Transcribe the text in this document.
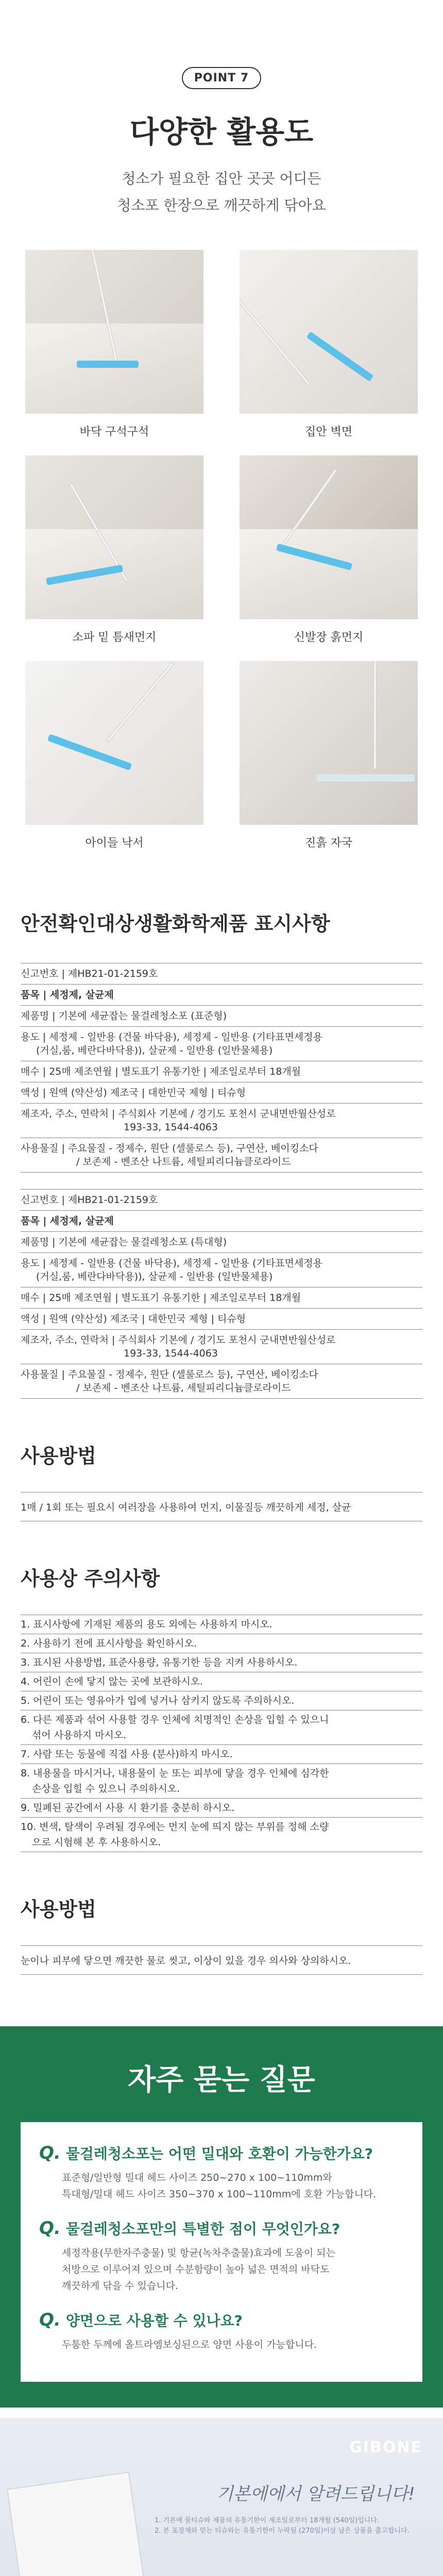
POINT 7
다양한 활용도
청소가 필요한 집안 곳곳 어디든
청소포 한장으로 깨끗하게 닦아요
바닥 구석구석	집안 벽면
소파 밑 틈새먼지	신발장 흙먼지
아이들 낙서	진흙 자국
안전확인대상생활화학제품 표시사항
신고번호 | 제HB21-01-2159호
품목 | 세정제, 살균제
제품명 | 기본에 세균잡는 물걸레청소포 (표준형)
용도 | 세정제 - 일반용 (건물 바닥용), 세정제 - 일반용 (기타표면세정용
(거실,룸, 베란다바닥용)), 살균제 - 일반용 (일반물체용)
매수 | 25매 제조연월 | 별도표기 유통기한 | 제조일로부터 18개월
액성 | 원액 (약산성) 제조국 | 대한민국 제형 | 티슈형
제조자, 주소, 연락처 | 주식회사 기본에 / 경기도 포천시 군내면반월산성로
193-33, 1544-4063
사용물질 | 주요물질 - 정제수, 원단 (셀룰로스 등), 구연산, 베이킹소다
/ 보존제 - 벤조산 나트륨, 세틸피리디늄클로라이드
신고번호 | 제HB21-01-2159호
품목 | 세정제, 살균제
제품명 | 기본에 세균잡는 물걸레청소포 (특대형)
용도 | 세정제 - 일반용 (건물 바닥용), 세정제 - 일반용 (기타표면세정용
(거실,룸, 베란다바닥용)), 살균제 - 일반용 (일반물체용)
매수 | 25매 제조연월 | 별도표기 유통기한 | 제조일로부터 18개월
액성 | 원액 (약산성) 제조국 | 대한민국 제형 | 티슈형
제조자, 주소, 연락처 | 주식회사 기본에 / 경기도 포천시 군내면반월산성로
193-33, 1544-4063
사용물질 | 주요물질 - 정제수, 원단 (셀룰로스 등), 구연산, 베이킹소다
/ 보존제 - 벤조산 나트륨, 세틸피리디늄클로라이드
사용방법
1매 / 1회 또는 필요시 여러장을 사용하여 먼지, 이물질등 깨끗하게 세정, 살균
사용상 주의사항
1. 표시사항에 기재된 제품의 용도 외에는 사용하지 마시오.
2. 사용하기 전에 표시사항을 확인하시오.
3. 표시된 사용방법, 표준사용량, 유통기한 등을 지켜 사용하시오.
4. 어린이 손에 닿지 않는 곳에 보관하시오.
5. 어린이 또는 영유아가 입에 넣거나 삼키지 않도록 주의하시오.
6. 다른 제품과 섞어 사용할 경우 인체에 치명적인 손상을 입힐 수 있으니
섞어 사용하지 마시오.
7. 사람 또는 동물에 직접 사용 (분사)하지 마시오.
8. 내용물을 마시거나, 내용물이 눈 또는 피부에 닿을 경우 인체에 심각한
손상을 입힐 수 있으니 주의하시오.
9. 밀폐된 공간에서 사용 시 환기를 충분히 하시오.
10. 변색, 탈색이 우려될 경우에는 먼지 눈에 띄지 않는 부위를 정해 소량
으로 시험해 본 후 사용하시오.
사용방법
눈이나 피부에 닿으면 깨끗한 물로 씻고, 이상이 있을 경우 의사와 상의하시오.
자주 묻는 질문
Q. 물걸레청소포는 어떤 밀대와 호환이 가능한가요?
표준형/일반형 밀대 헤드 사이즈 250~270 x 100~110mm와
특대형/밀대 헤드 사이즈 350~370 x 100~110mm에 호환 가능합니다.
Q. 물걸레청소포만의 특별한 점이 무엇인가요?
세정작용(무한자주충물) 및 항균(녹차추출물)효과에 도움이 되는
처방으로 이루어져 있으며 수분함량이 높아 넓은 면적의 바닥도
깨끗하게 닦을 수 있습니다.
Q. 양면으로 사용할 수 있나요?
두툼한 두께에 올트라엠보싱된으로 양면 사용이 가능합니다.
GIBONE
기본에에서 알려드립니다!
1. 기본에 물티슈와 제품의 유통기한이 제조일로부터 18개월 (540일)입니다.
2. 본 포장재와 믿는 티슈와는 유통기한이 누락될 (270일)이상 남은 상품을 출고합니다.
